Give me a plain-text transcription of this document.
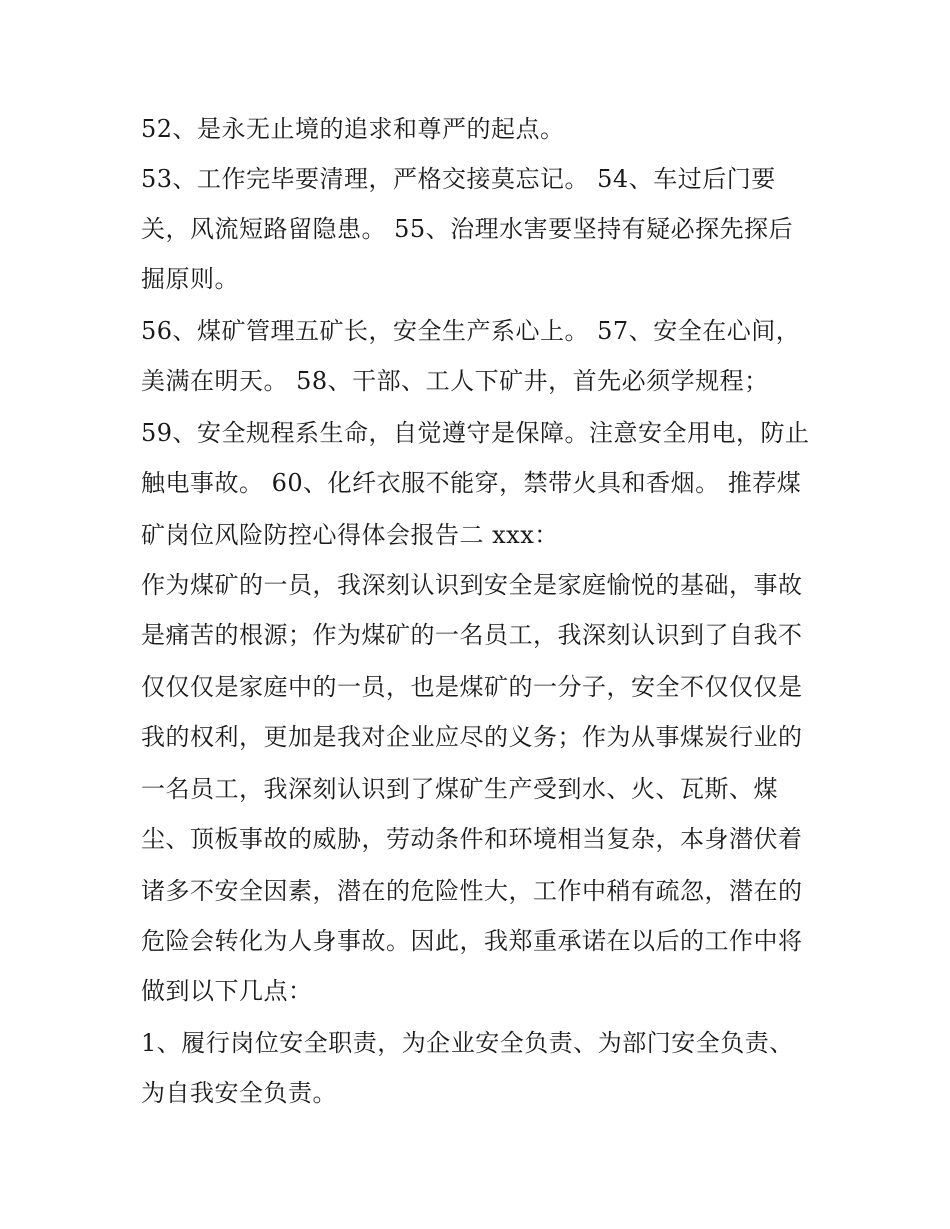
52、是永无止境的追求和尊严的起点。
53、工作完毕要清理，严格交接莫忘记。 54、车过后门要
关，风流短路留隐患。 55、治理水害要坚持有疑必探先探后
掘原则。
56、煤矿管理五矿长，安全生产系心上。 57、安全在心间，
美满在明天。 58、干部、工人下矿井，首先必须学规程；
59、安全规程系生命，自觉遵守是保障。注意安全用电，防止
触电事故。 60、化纤衣服不能穿，禁带火具和香烟。 推荐煤
矿岗位风险防控心得体会报告二 xxx：
作为煤矿的一员，我深刻认识到安全是家庭愉悦的基础，事故
是痛苦的根源；作为煤矿的一名员工，我深刻认识到了自我不
仅仅仅是家庭中的一员，也是煤矿的一分子，安全不仅仅仅是
我的权利，更加是我对企业应尽的义务；作为从事煤炭行业的
一名员工，我深刻认识到了煤矿生产受到水、火、瓦斯、煤
尘、顶板事故的威胁，劳动条件和环境相当复杂，本身潜伏着
诸多不安全因素，潜在的危险性大，工作中稍有疏忽，潜在的
危险会转化为人身事故。因此，我郑重承诺在以后的工作中将
做到以下几点：
1、履行岗位安全职责，为企业安全负责、为部门安全负责、
为自我安全负责。
